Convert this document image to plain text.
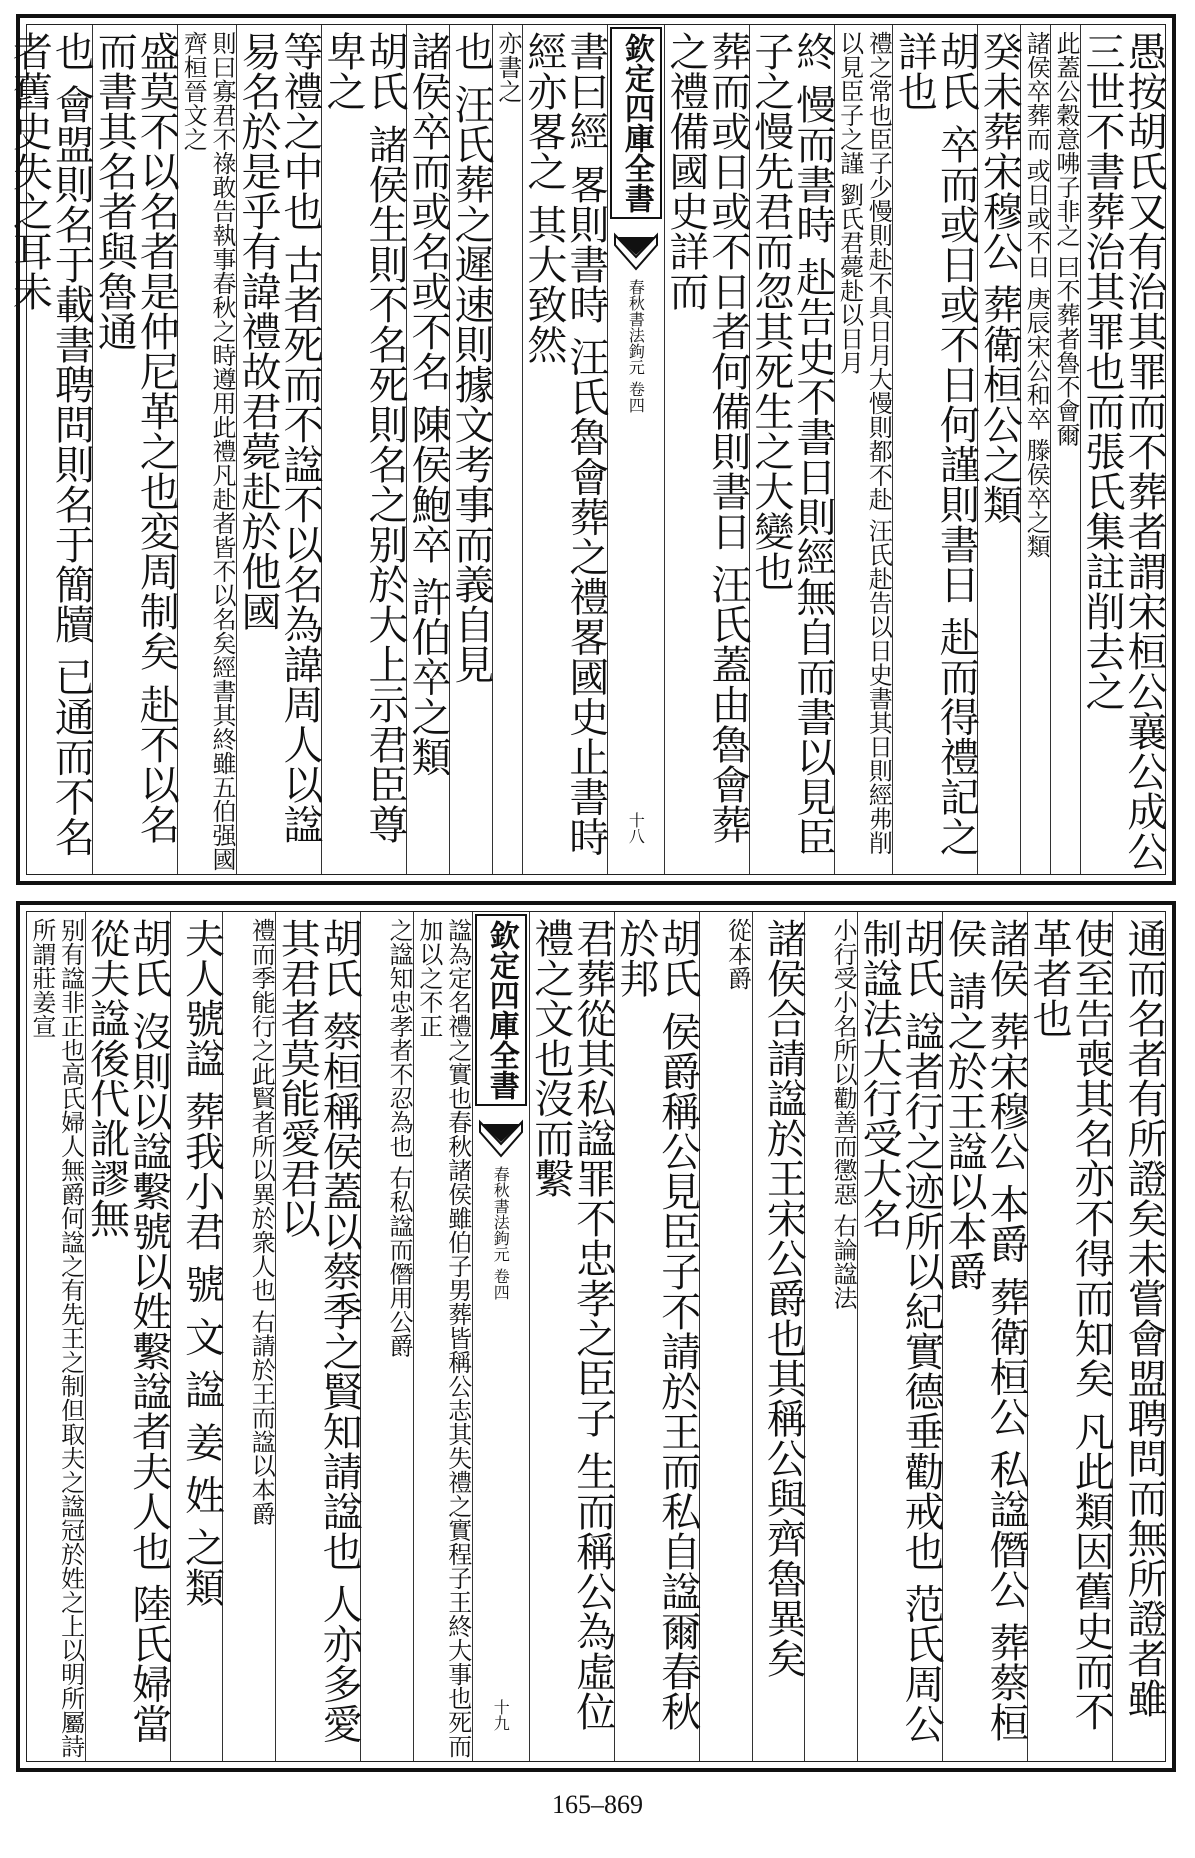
愚按胡氏又有治其罪而不葬者謂宋桓公襄公成公三世不書葬治其罪也而張氏集註削去之
此蓋公穀意咈子非之 曰不葬者魯不會爾
諸侯卒葬而 或日或不日 庚辰宋公和卒 滕侯卒之類
癸未葬宋穆公 葬衛桓公之類
胡氏 卒而或日或不日何謹則書日 赴而得禮記之詳也
禮之常也臣子少慢則赴不具日月大慢則都不赴 汪氏赴告以日史書其日則經弗削以見臣子之謹 劉氏君薨赴以日月
終 慢而書時 赴告史不書日則經無自而書以見臣子之慢先君而忽其死生之大變也
葬而或日或不日者何備則書日 汪氏蓋由魯會葬之禮備國史詳而
欽定四庫全書
春秋書法鉤元
卷四
十八
書曰經 畧則書時 汪氏魯會葬之禮畧國史止書時經亦畧之 其大致然
亦書之
也 汪氏葬之遲速則據文考事而義自見
諸侯卒而或名或不名 陳侯鮑卒 許伯卒之類
胡氏 諸侯生則不名死則名之别於大上示君臣尊卑之
等禮之中也 古者死而不諡不以名為諱周人以諡易名於是乎有諱禮故君薨赴於他國
則曰寡君不祿敢告執事春秋之時遵用此禮凡赴者皆不以名矣經書其終雖五伯强國齊桓晉文之
盛莫不以名者是仲尼革之也変周制矣 赴不以名而書其名者與魯通
也 會盟則名于載書聘問則名于簡牘 已通而不名者舊史失之耳未
通而名者有所證矣未嘗會盟聘問而無所證者雖
使至告喪其名亦不得而知矣 凡此類因舊史而不革者也
諸侯 葬宋穆公 本爵 葬衛桓公 私諡僭公 葬蔡桓侯 請之於王諡以本爵
胡氏 諡者行之迹所以紀實德垂勸戒也 范氏周公制諡法大行受大名
小行受小名所以勸善而懲惡 右論諡法
諸侯合請諡於王宋公爵也其稱公與齊魯異矣
從本爵
胡氏 侯爵稱公見臣子不請於王而私自諡爾春秋於邦
君葬從其私諡罪不忠孝之臣子 生而稱公為虛位禮之文也沒而繫
欽定四庫全書
春秋書法鉤元
卷四
十九
諡為定名禮之實也春秋諸侯雖伯子男葬皆稱公志其失禮之實程子王終大事也死而加以之不正
之諡知忠孝者不忍為也 右私諡而僭用公爵
胡氏 蔡桓稱侯蓋以蔡季之賢知請諡也 人亦多愛其君者莫能愛君以
禮而季能行之此賢者所以異於衆人也 右請於王而諡以本爵
夫人號諡 葬我小君 號 文 諡 姜 姓 之類
胡氏 沒則以諡繫號以姓繫諡者夫人也 陸氏婦當從夫諡後代訛謬無
别有諡非正也高氏婦人無爵何諡之有先王之制但取夫之諡冠於姓之上以明所屬詩所謂莊姜宣
165–869
